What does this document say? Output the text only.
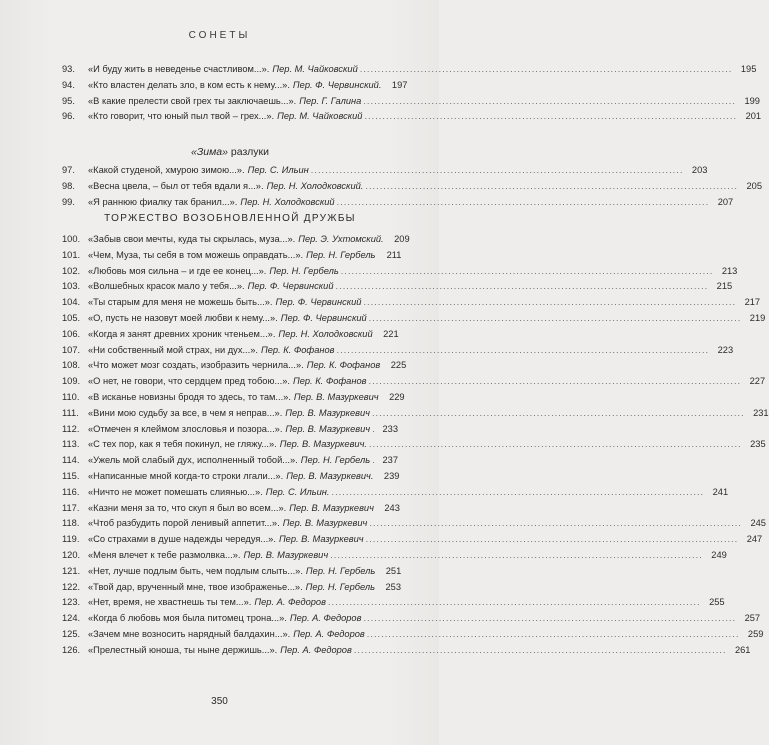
СОНЕТЫ
93.	«И буду жить в неведенье счастливом...». Пер. М. Чайковский .....	195
94.	«Кто властен делать зло, в ком есть к нему...». Пер. Ф. Червинский.	197
95.	«В какие прелести свой грех ты заключаешь...». Пер. Г. Галина .....	199
96.	«Кто говорит, что юный пыл твой – грех...». Пер. М. Чайковский .....	201
«Зима» разлуки
97.	«Какой студеной, хмурою зимою...». Пер. С. Ильин .....	203
98.	«Весна цвела, – был от тебя вдали я...». Пер. Н. Холодковский. .....	205
99.	«Я раннюю фиалку так бранил...». Пер. Н. Холодковский .....	207
ТОРЖЕСТВО ВОЗОБНОВЛЕННОЙ ДРУЖБЫ
100. «Забыв свои мечты, куда ты скрылась, муза...». Пер. Э. Ухтомский.	209
101. «Чем, Муза, ты себя в том можешь оправдать...». Пер. Н. Гербель	211
102. «Любовь моя сильна – и где ее конец...». Пер. Н. Гербель .....	213
103. «Волшебных красок мало у тебя...». Пер. Ф. Червинский .....	215
104. «Ты старым для меня не можешь быть...». Пер. Ф. Червинский .....	217
105. «О, пусть не назовут моей любви к нему...». Пер. Ф. Червинский .....	219
106. «Когда я занят древних хроник чтеньем...». Пер. Н. Холодковский	221
107. «Ни собственный мой страх, ни дух...». Пер. К. Фофанов .....	223
108. «Что может мозг создать, изобразить чернила...». Пер. К. Фофанов	225
109. «О нет, не говори, что сердцем пред тобою...». Пер. К. Фофанов .....	227
110. «В исканье новизны бродя то здесь, то там...». Пер. В. Мазуркевич	229
111. «Вини мою судьбу за все, в чем я неправ...». Пер. В. Мазуркевич .....	231
112. «Отмечен я клеймом злословья и позора...». Пер. В. Мазуркевич .....	233
113. «С тех пор, как я тебя покинул, не гляжу...». Пер. В. Мазуркевич. .....	235
114. «Ужель мой слабый дух, исполненный тобой...». Пер. Н. Гербель .....	237
115. «Написанные мной когда-то строки лгали...». Пер. В. Мазуркевич.	239
116. «Ничто не может помешать слиянью...». Пер. С. Ильин. .....	241
117. «Казни меня за то, что скуп я был во всем...». Пер. В. Мазуркевич	243
118. «Чтоб разбудить порой ленивый аппетит...». Пер. В. Мазуркевич .....	245
119. «Со страхами в душе надежды чередуя...». Пер. В. Мазуркевич .....	247
120. «Меня влечет к тебе размолвка...». Пер. В. Мазуркевич .....	249
121. «Нет, лучше подлым быть, чем подлым слыть...». Пер. Н. Гербель	251
122. «Твой дар, врученный мне, твое изображенье...». Пер. Н. Гербель	253
123. «Нет, время, не хвастнешь ты тем...». Пер. А. Федоров .....	255
124. «Когда б любовь моя была питомец трона...». Пер. А. Федоров .....	257
125. «Зачем мне возносить нарядный балдахин...». Пер. А. Федоров .....	259
126. «Прелестный юноша, ты ныне держишь...». Пер. А. Федоров .....	261
350
